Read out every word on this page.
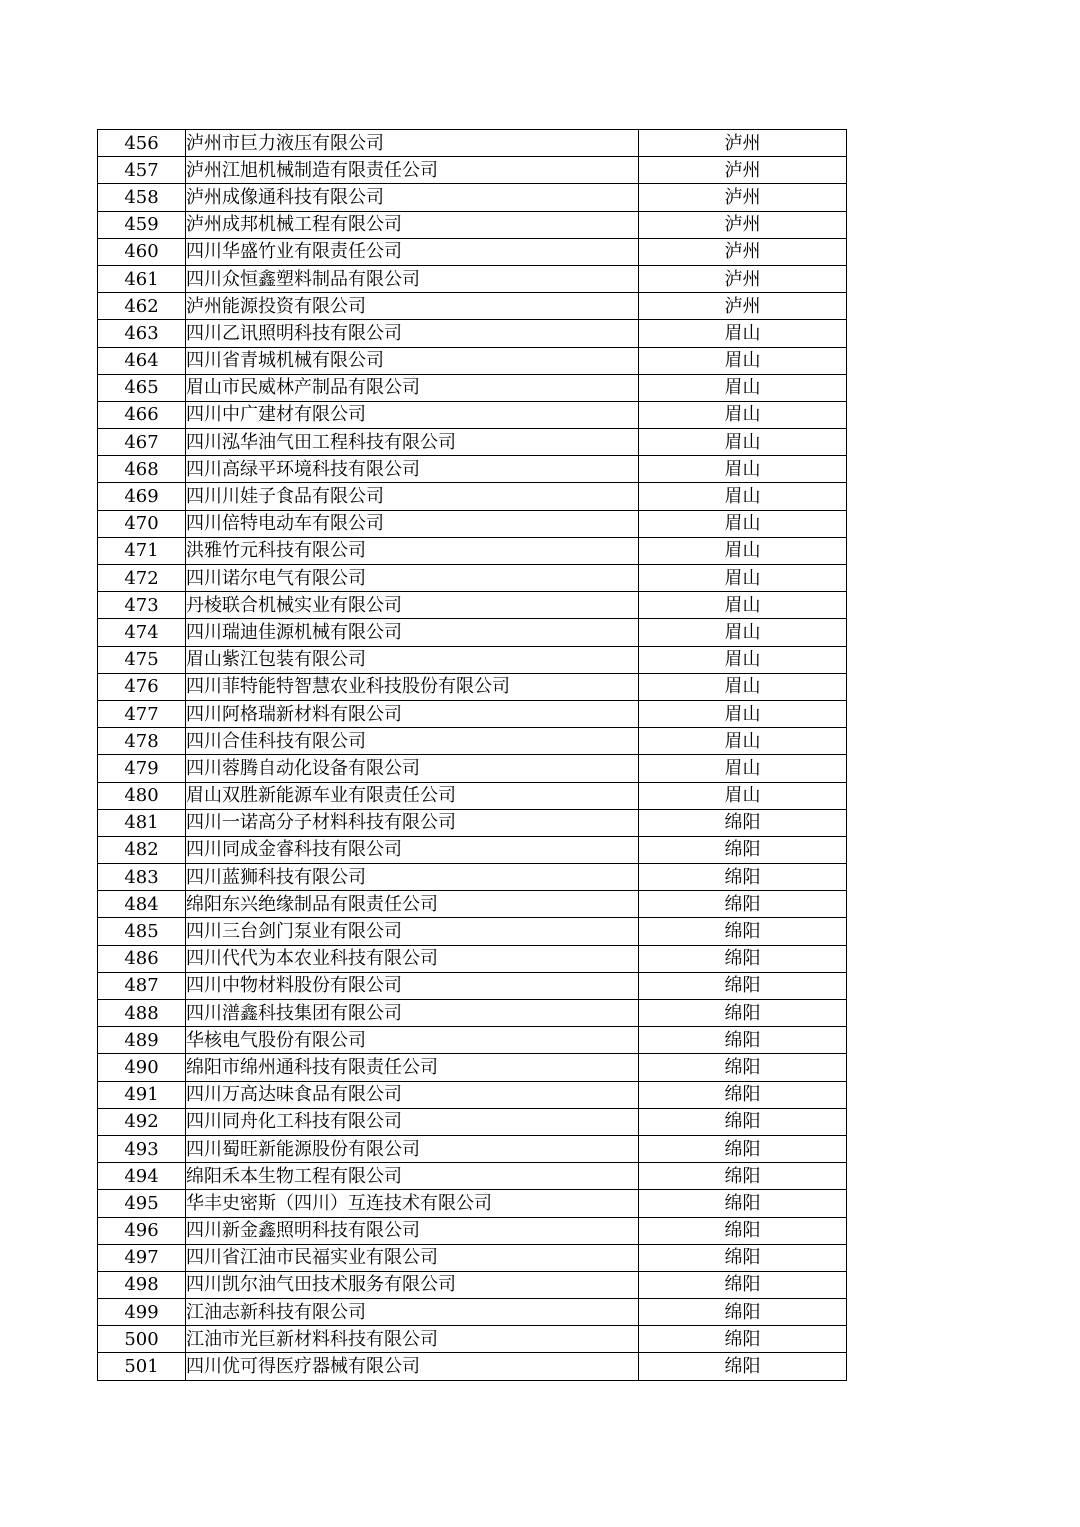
456	泸州市巨力液压有限公司	泸州
457	泸州江旭机械制造有限责任公司	泸州
458	泸州成像通科技有限公司	泸州
459	泸州成邦机械工程有限公司	泸州
460	四川华盛竹业有限责任公司	泸州
461	四川众恒鑫塑料制品有限公司	泸州
462	泸州能源投资有限公司	泸州
463	四川乙讯照明科技有限公司	眉山
464	四川省青城机械有限公司	眉山
465	眉山市民威林产制品有限公司	眉山
466	四川中广建材有限公司	眉山
467	四川泓华油气田工程科技有限公司	眉山
468	四川高绿平环境科技有限公司	眉山
469	四川川娃子食品有限公司	眉山
470	四川倍特电动车有限公司	眉山
471	洪雅竹元科技有限公司	眉山
472	四川诺尔电气有限公司	眉山
473	丹棱联合机械实业有限公司	眉山
474	四川瑞迪佳源机械有限公司	眉山
475	眉山紫江包装有限公司	眉山
476	四川菲特能特智慧农业科技股份有限公司	眉山
477	四川阿格瑞新材料有限公司	眉山
478	四川合佳科技有限公司	眉山
479	四川蓉腾自动化设备有限公司	眉山
480	眉山双胜新能源车业有限责任公司	眉山
481	四川一诺高分子材料科技有限公司	绵阳
482	四川同成金睿科技有限公司	绵阳
483	四川蓝狮科技有限公司	绵阳
484	绵阳东兴绝缘制品有限责任公司	绵阳
485	四川三台剑门泵业有限公司	绵阳
486	四川代代为本农业科技有限公司	绵阳
487	四川中物材料股份有限公司	绵阳
488	四川潽鑫科技集团有限公司	绵阳
489	华核电气股份有限公司	绵阳
490	绵阳市绵州通科技有限责任公司	绵阳
491	四川万高达味食品有限公司	绵阳
492	四川同舟化工科技有限公司	绵阳
493	四川蜀旺新能源股份有限公司	绵阳
494	绵阳禾本生物工程有限公司	绵阳
495	华丰史密斯（四川）互连技术有限公司	绵阳
496	四川新金鑫照明科技有限公司	绵阳
497	四川省江油市民福实业有限公司	绵阳
498	四川凯尔油气田技术服务有限公司	绵阳
499	江油志新科技有限公司	绵阳
500	江油市光巨新材料科技有限公司	绵阳
501	四川优可得医疗器械有限公司	绵阳
